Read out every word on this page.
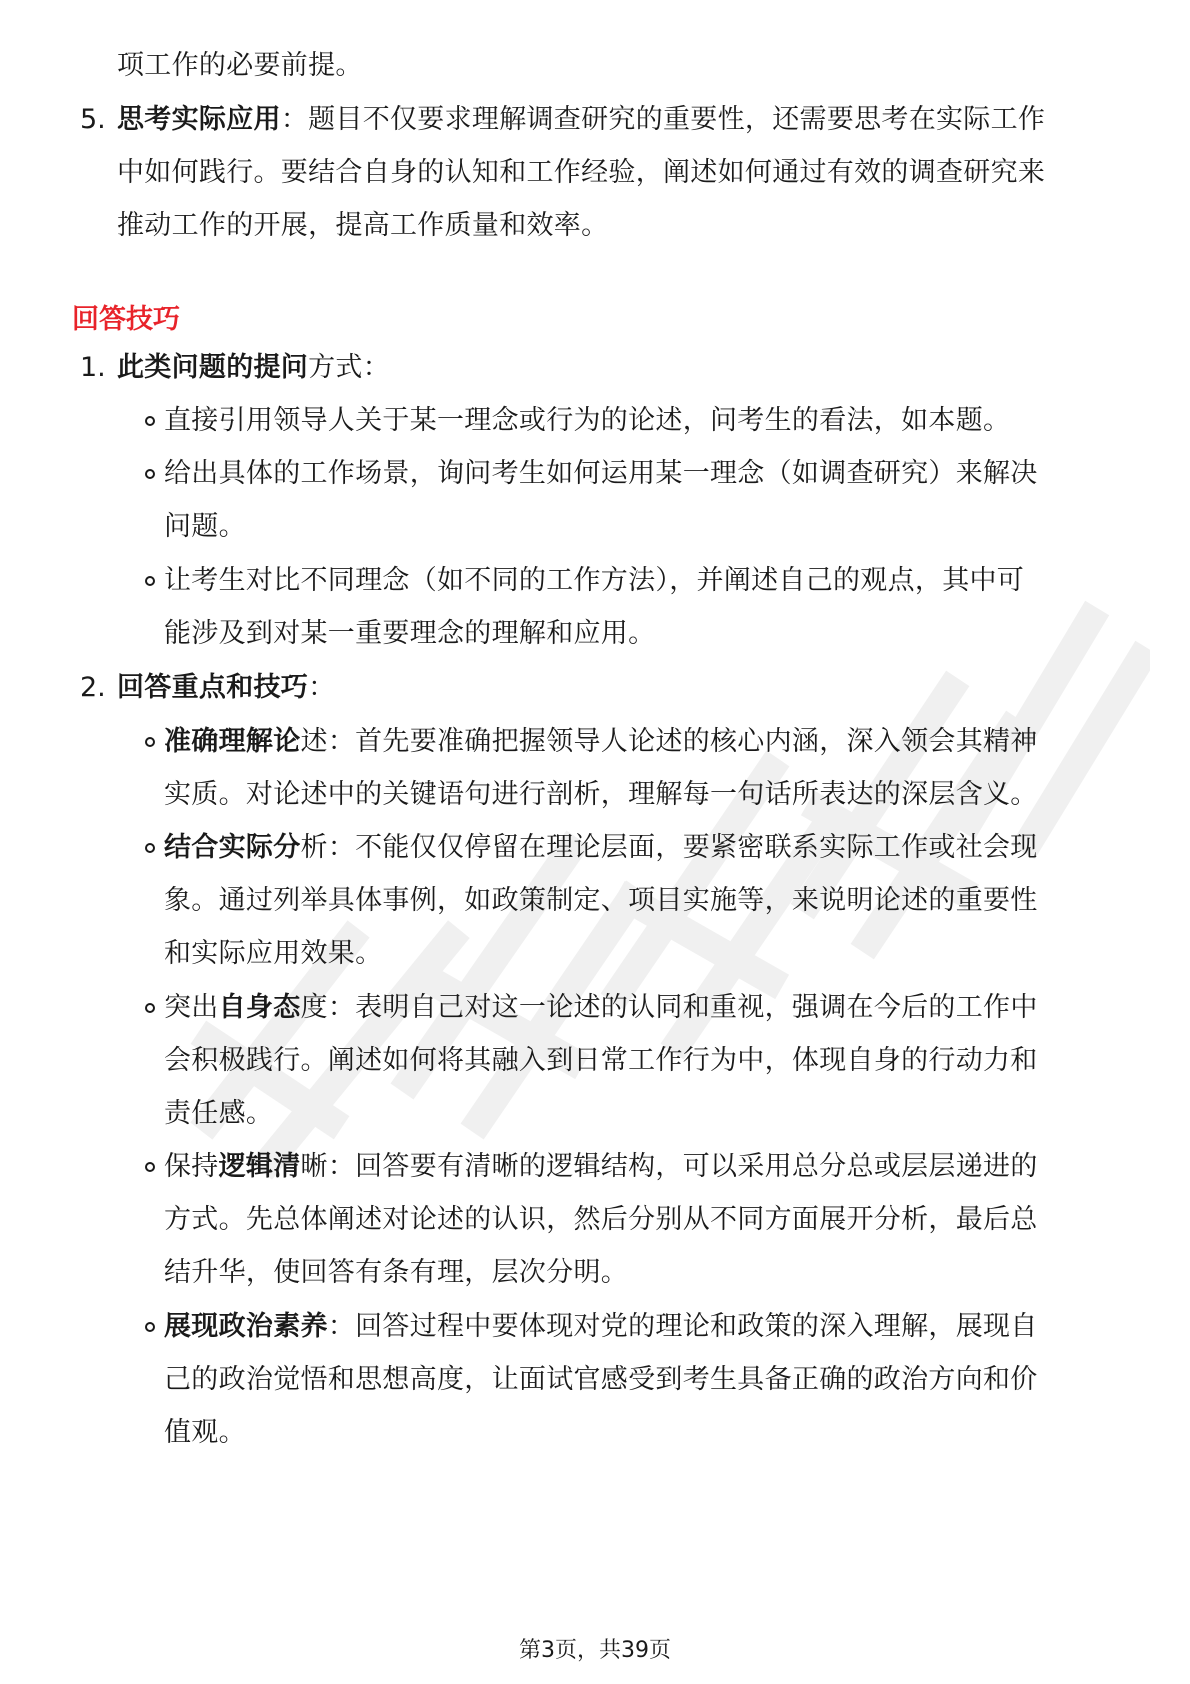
项工作的必要前提。
5. 思考实际应用：题目不仅要求理解调查研究的重要性，还需要思考在实际工作
中如何践行。要结合自身的认知和工作经验，阐述如何通过有效的调查研究来
推动工作的开展，提高工作质量和效率。
回答技巧
1. 此类问题的提问方式：
直接引用领导人关于某一理念或行为的论述，问考生的看法，如本题。
给出具体的工作场景，询问考生如何运用某一理念（如调查研究）来解决
问题。
让考生对比不同理念（如不同的工作方法），并阐述自己的观点，其中可
能涉及到对某一重要理念的理解和应用。
2. 回答重点和技巧：
准确理解论述：首先要准确把握领导人论述的核心内涵，深入领会其精神
实质。对论述中的关键语句进行剖析，理解每一句话所表达的深层含义。
结合实际分析：不能仅仅停留在理论层面，要紧密联系实际工作或社会现
象。通过列举具体事例，如政策制定、项目实施等，来说明论述的重要性
和实际应用效果。
突出自身态度：表明自己对这一论述的认同和重视，强调在今后的工作中
会积极践行。阐述如何将其融入到日常工作行为中，体现自身的行动力和
责任感。
保持逻辑清晰：回答要有清晰的逻辑结构，可以采用总分总或层层递进的
方式。先总体阐述对论述的认识，然后分别从不同方面展开分析，最后总
结升华，使回答有条有理，层次分明。
展现政治素养：回答过程中要体现对党的理论和政策的深入理解，展现自
己的政治觉悟和思想高度，让面试官感受到考生具备正确的政治方向和价
值观。
第3页，共39页
